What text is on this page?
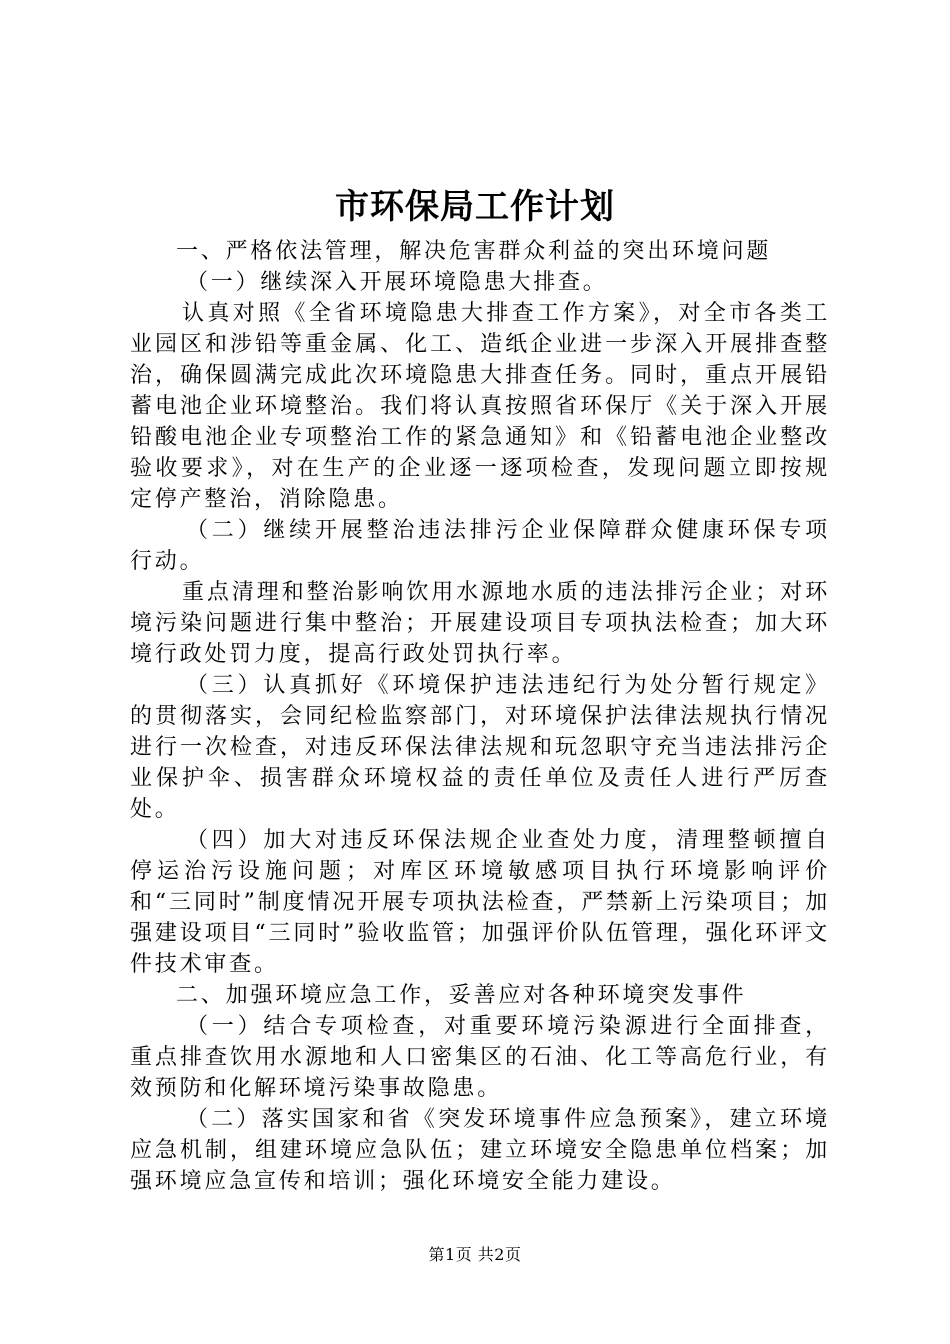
市环保局工作计划

一、严格依法管理，解决危害群众利益的突出环境问题

（一）继续深入开展环境隐患大排查。

认真对照《全省环境隐患大排查工作方案》，对全市各类工业园区和涉铅等重金属、化工、造纸企业进一步深入开展排查整治，确保圆满完成此次环境隐患大排查任务。同时，重点开展铅蓄电池企业环境整治。我们将认真按照省环保厅《关于深入开展铅酸电池企业专项整治工作的紧急通知》和《铅蓄电池企业整改验收要求》，对在生产的企业逐一逐项检查，发现问题立即按规定停产整治，消除隐患。

（二）继续开展整治违法排污企业保障群众健康环保专项行动。

重点清理和整治影响饮用水源地水质的违法排污企业；对环境污染问题进行集中整治；开展建设项目专项执法检查；加大环境行政处罚力度，提高行政处罚执行率。

（三）认真抓好《环境保护违法违纪行为处分暂行规定》的贯彻落实，会同纪检监察部门，对环境保护法律法规执行情况进行一次检查，对违反环保法律法规和玩忽职守充当违法排污企业保护伞、损害群众环境权益的责任单位及责任人进行严厉查处。

（四）加大对违反环保法规企业查处力度，清理整顿擅自停运治污设施问题；对库区环境敏感项目执行环境影响评价和“三同时”制度情况开展专项执法检查，严禁新上污染项目；加强建设项目“三同时”验收监管；加强评价队伍管理，强化环评文件技术审查。

二、加强环境应急工作，妥善应对各种环境突发事件

（一）结合专项检查，对重要环境污染源进行全面排查，重点排查饮用水源地和人口密集区的石油、化工等高危行业，有效预防和化解环境污染事故隐患。

（二）落实国家和省《突发环境事件应急预案》，建立环境应急机制，组建环境应急队伍；建立环境安全隐患单位档案；加强环境应急宣传和培训；强化环境安全能力建设。

第1页 共2页
